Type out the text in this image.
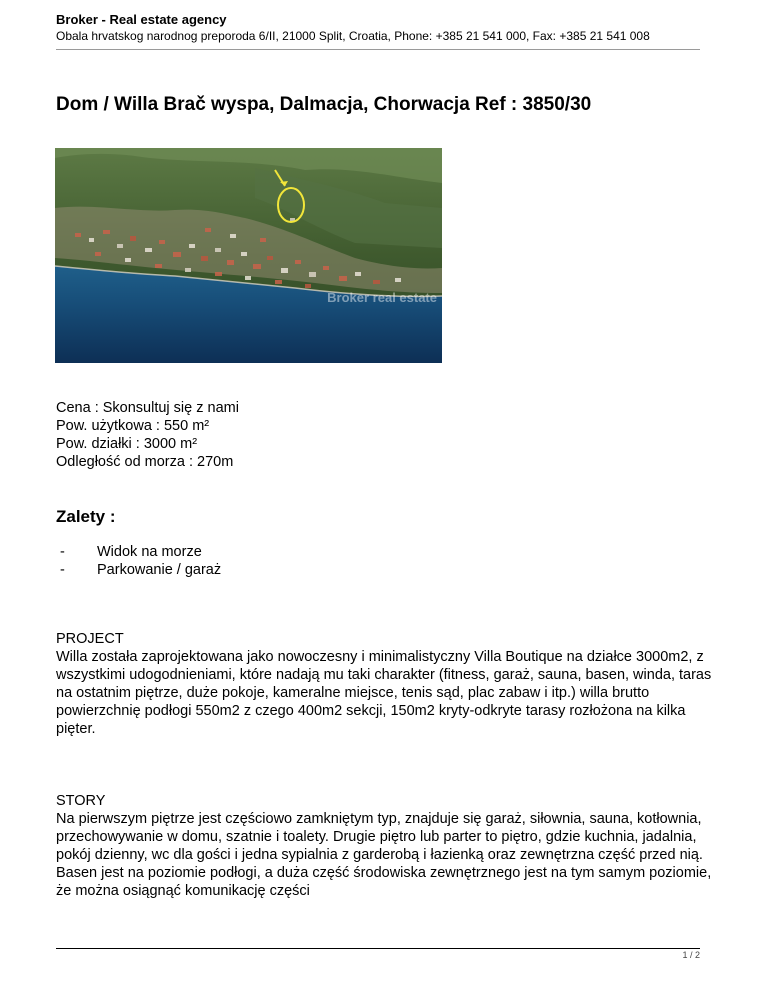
Broker - Real estate agency
Obala hrvatskog narodnog preporoda 6/II, 21000 Split, Croatia, Phone: +385 21 541 000, Fax: +385 21 541 008
Dom / Willa Brač wyspa, Dalmacja, Chorwacja Ref : 3850/30
Broker real estate
Cena : Skonsultuj się z nami
Pow. użytkowa : 550 m²
Pow. działki : 3000 m²
Odległość od morza : 270m
Zalety :
- Widok na morze
- Parkowanie / garaż
PROJECT

Willa została zaprojektowana jako nowoczesny i minimalistyczny Villa Boutique na działce 3000m2, z wszystkimi udogodnieniami, które nadają mu taki charakter (fitness, garaż, sauna, basen, winda, taras na ostatnim piętrze, duże pokoje, kameralne miejsce, tenis sąd, plac zabaw i itp.) willa brutto powierzchnię podłogi 550m2 z czego 400m2 sekcji, 150m2 kryty-odkryte tarasy rozłożona na kilka pięter.

STORY

Na pierwszym piętrze jest częściowo zamkniętym typ, znajduje się garaż, siłownia, sauna, kotłownia, przechowywanie w domu, szatnie i toalety. Drugie piętro lub parter to piętro, gdzie kuchnia, jadalnia, pokój dzienny, wc dla gości i jedna sypialnia z garderobą i łazienką oraz zewnętrzna część przed nią. Basen jest na poziomie podłogi, a duża część środowiska zewnętrznego jest na tym samym poziomie, że można osiągnąć komunikację części

1 / 2
